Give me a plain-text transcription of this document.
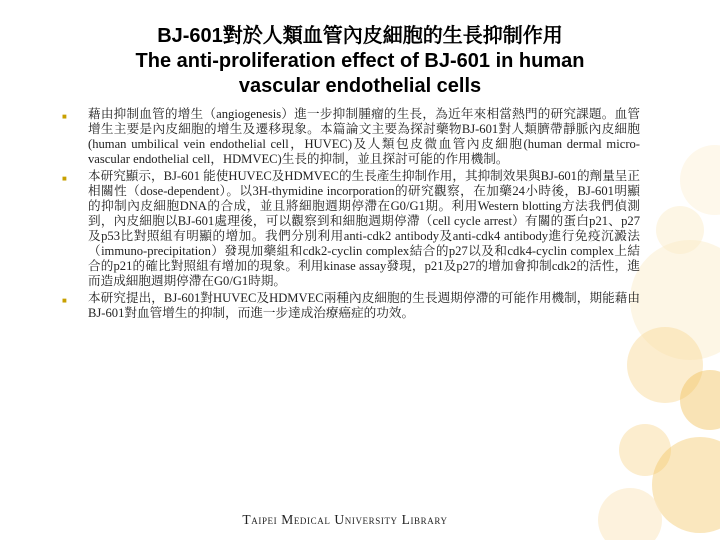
BJ-601對於人類血管內皮細胞的生長抑制作用
The anti-proliferation effect of BJ-601 in human
vascular endothelial cells
■ 藉由抑制血管的增生（angiogenesis）進一步抑制腫瘤的生長，為近年來相當熱門的研究課題。血管增生主要是內皮細胞的增生及遷移現象。本篇論文主要為探討藥物BJ-601對人類臍帶靜脈內皮細胞(human umbilical vein endothelial cell，HUVEC)及人類包皮微血管內皮細胞(human dermal micro-vascular endothelial cell，HDMVEC)生長的抑制，並且探討可能的作用機制。
■ 本研究顯示，BJ-601 能使HUVEC及HDMVEC的生長產生抑制作用，其抑制效果與BJ-601的劑量呈正相關性（dose-dependent）。以3H-thymidine incorporation的研究觀察，在加藥24小時後，BJ-601明顯的抑制內皮細胞DNA的合成，並且將細胞週期停滯在G0/G1期。利用Western blotting方法我們偵測到，內皮細胞以BJ-601處理後，可以觀察到和細胞週期停滯（cell cycle arrest）有關的蛋白p21、p27及p53比對照組有明顯的增加。我們分別利用anti-cdk2 antibody及anti-cdk4 antibody進行免疫沉澱法（immuno-precipitation）發現加藥組和cdk2-cyclin complex結合的p27以及和cdk4-cyclin complex上結合的p21的確比對照組有增加的現象。利用kinase assay發現，p21及p27的增加會抑制cdk2的活性，進而造成細胞週期停滯在G0/G1時期。
■ 本研究提出，BJ-601對HUVEC及HDMVEC兩種內皮細胞的生長週期停滯的可能作用機制，期能藉由BJ-601對血管增生的抑制，而進一步達成治療癌症的功效。
Taipei Medical University Library
